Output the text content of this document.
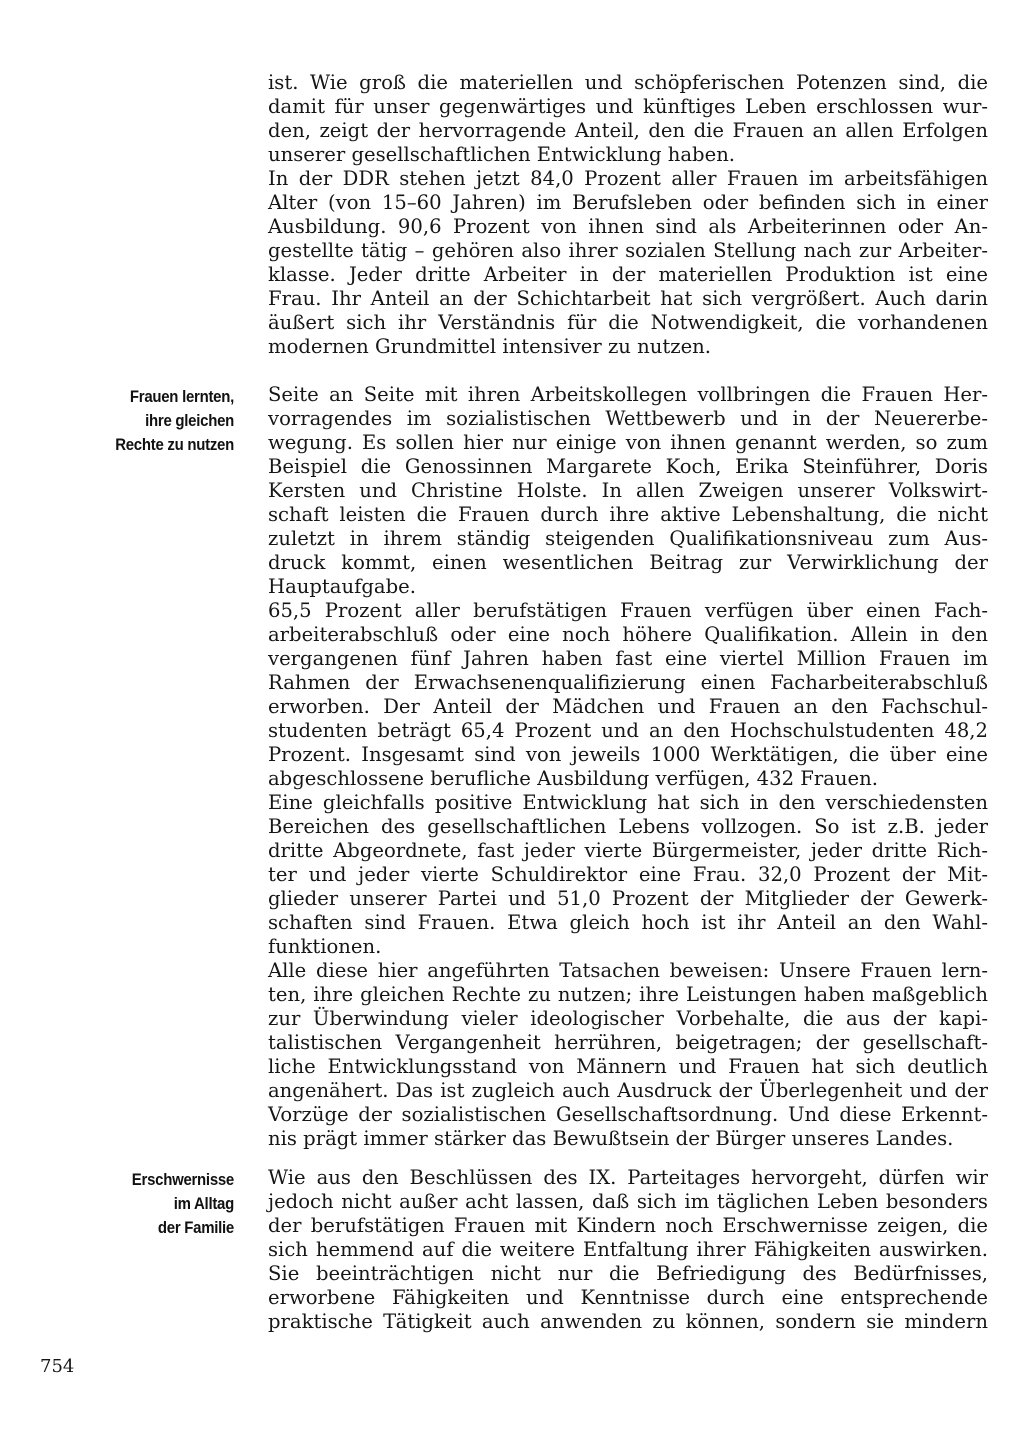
ist. Wie groß die materiellen und schöpferischen Potenzen sind, die
damit für unser gegenwärtiges und künftiges Leben erschlossen wur-
den, zeigt der hervorragende Anteil, den die Frauen an allen Erfolgen
unserer gesellschaftlichen Entwicklung haben.
In der DDR stehen jetzt 84,0 Prozent aller Frauen im arbeitsfähigen
Alter (von 15–60 Jahren) im Berufsleben oder befinden sich in einer
Ausbildung. 90,6 Prozent von ihnen sind als Arbeiterinnen oder An-
gestellte tätig – gehören also ihrer sozialen Stellung nach zur Arbeiter-
klasse. Jeder dritte Arbeiter in der materiellen Produktion ist eine
Frau. Ihr Anteil an der Schichtarbeit hat sich vergrößert. Auch darin
äußert sich ihr Verständnis für die Notwendigkeit, die vorhandenen
modernen Grundmittel intensiver zu nutzen.
Frauen lernten,
ihre gleichen
Rechte zu nutzen
Seite an Seite mit ihren Arbeitskollegen vollbringen die Frauen Her-
vorragendes im sozialistischen Wettbewerb und in der Neuererbe-
wegung. Es sollen hier nur einige von ihnen genannt werden, so zum
Beispiel die Genossinnen Margarete Koch, Erika Steinführer, Doris
Kersten und Christine Holste. In allen Zweigen unserer Volkswirt-
schaft leisten die Frauen durch ihre aktive Lebenshaltung, die nicht
zuletzt in ihrem ständig steigenden Qualifikationsniveau zum Aus-
druck kommt, einen wesentlichen Beitrag zur Verwirklichung der
Hauptaufgabe.
65,5 Prozent aller berufstätigen Frauen verfügen über einen Fach-
arbeiterabschluß oder eine noch höhere Qualifikation. Allein in den
vergangenen fünf Jahren haben fast eine viertel Million Frauen im
Rahmen der Erwachsenenqualifizierung einen Facharbeiterabschluß
erworben. Der Anteil der Mädchen und Frauen an den Fachschul-
studenten beträgt 65,4 Prozent und an den Hochschulstudenten 48,2
Prozent. Insgesamt sind von jeweils 1000 Werktätigen, die über eine
abgeschlossene berufliche Ausbildung verfügen, 432 Frauen.
Eine gleichfalls positive Entwicklung hat sich in den verschiedensten
Bereichen des gesellschaftlichen Lebens vollzogen. So ist z.B. jeder
dritte Abgeordnete, fast jeder vierte Bürgermeister, jeder dritte Rich-
ter und jeder vierte Schuldirektor eine Frau. 32,0 Prozent der Mit-
glieder unserer Partei und 51,0 Prozent der Mitglieder der Gewerk-
schaften sind Frauen. Etwa gleich hoch ist ihr Anteil an den Wahl-
funktionen.
Alle diese hier angeführten Tatsachen beweisen: Unsere Frauen lern-
ten, ihre gleichen Rechte zu nutzen; ihre Leistungen haben maßgeblich
zur Überwindung vieler ideologischer Vorbehalte, die aus der kapi-
talistischen Vergangenheit herrühren, beigetragen; der gesellschaft-
liche Entwicklungsstand von Männern und Frauen hat sich deutlich
angenähert. Das ist zugleich auch Ausdruck der Überlegenheit und der
Vorzüge der sozialistischen Gesellschaftsordnung. Und diese Erkennt-
nis prägt immer stärker das Bewußtsein der Bürger unseres Landes.
Erschwernisse
im Alltag
der Familie
Wie aus den Beschlüssen des IX. Parteitages hervorgeht, dürfen wir
jedoch nicht außer acht lassen, daß sich im täglichen Leben besonders
der berufstätigen Frauen mit Kindern noch Erschwernisse zeigen, die
sich hemmend auf die weitere Entfaltung ihrer Fähigkeiten auswirken.
Sie beeinträchtigen nicht nur die Befriedigung des Bedürfnisses,
erworbene Fähigkeiten und Kenntnisse durch eine entsprechende
praktische Tätigkeit auch anwenden zu können, sondern sie mindern
754
